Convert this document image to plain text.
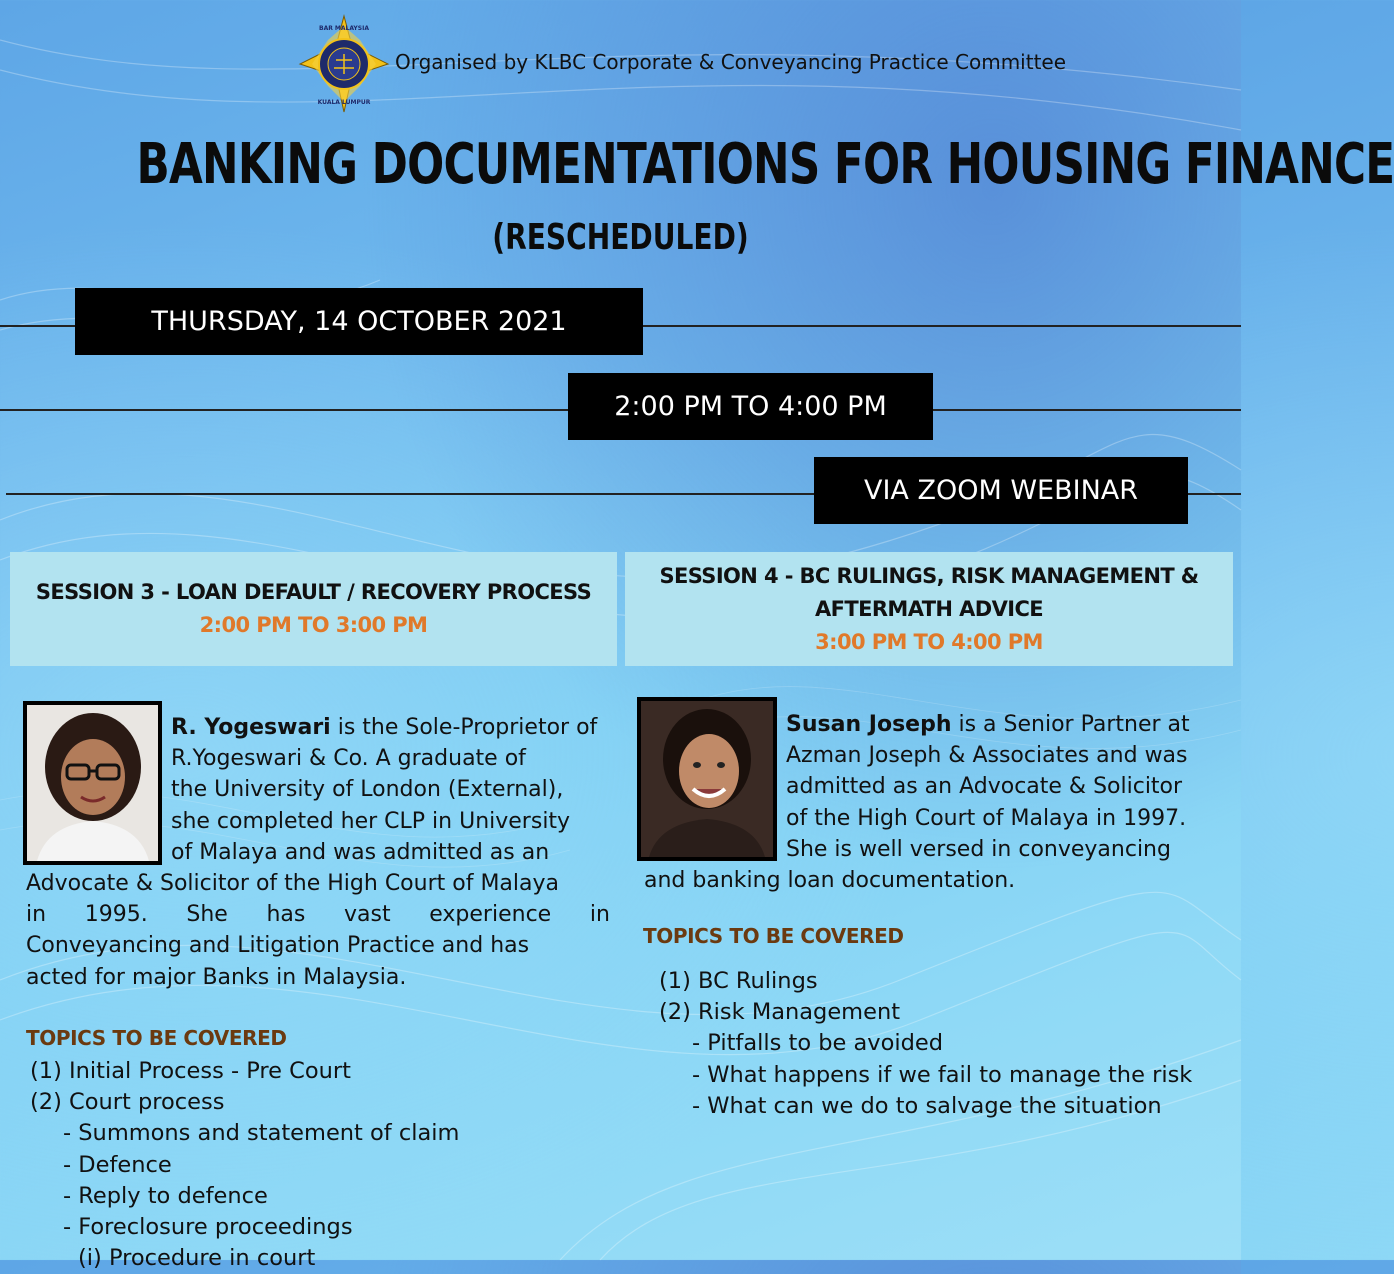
BAR MALAYSIA
KUALA LUMPUR
Organised by KLBC Corporate & Conveyancing Practice Committee
BANKING DOCUMENTATIONS FOR HOUSING FINANCE
(RESCHEDULED)
THURSDAY, 14 OCTOBER 2021
2:00 PM TO 4:00 PM
VIA ZOOM WEBINAR
SESSION 3 - LOAN DEFAULT / RECOVERY PROCESS
2:00 PM TO 3:00 PM
SESSION 4 - BC RULINGS, RISK MANAGEMENT &
AFTERMATH ADVICE
3:00 PM TO 4:00 PM
R. Yogeswari is the Sole-Proprietor of
R.Yogeswari & Co. A graduate of
the University of London (External),
she completed her CLP in University
of Malaya and was admitted as an
Advocate & Solicitor of the High Court of Malaya
in 1995. She has vast experience in
Conveyancing and Litigation Practice and has
acted for major Banks in Malaysia.
Susan Joseph is a Senior Partner at
Azman Joseph & Associates and was
admitted as an Advocate & Solicitor
of the High Court of Malaya in 1997.
She is well versed in conveyancing
and banking loan documentation.
TOPICS TO BE COVERED
(1) Initial Process - Pre Court
(2) Court process
- Summons and statement of claim
- Defence
- Reply to defence
- Foreclosure proceedings
(i) Procedure in court
TOPICS TO BE COVERED
(1) BC Rulings
(2) Risk Management
- Pitfalls to be avoided
- What happens if we fail to manage the risk
- What can we do to salvage the situation
